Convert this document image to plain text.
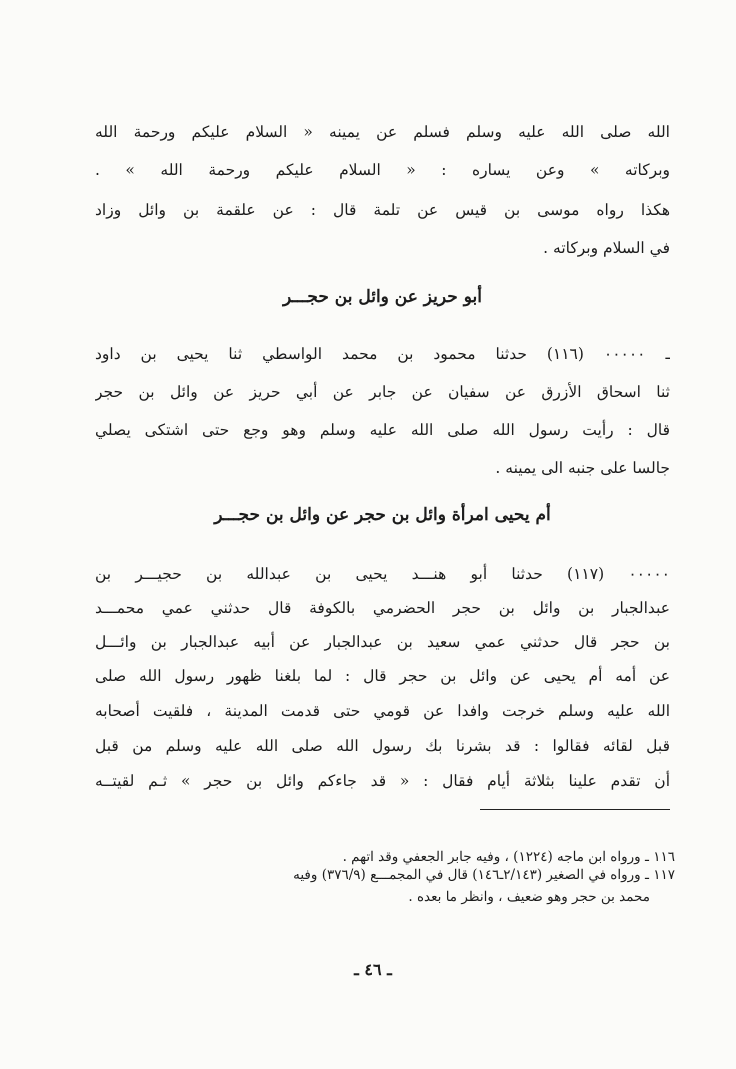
الله صلى الله عليه وسلم فسلم عن يمينه « السلام عليكم ورحمة الله
وبركاته » وعن يساره : « السلام عليكم ورحمة الله » .
هكذا رواه موسى بن قيس عن تلمة قال : عن علقمة بن وائل وزاد
في السلام وبركاته .
أبو حريز عن وائل بن حجـــر
ـ ٠٠٠٠٠ (١١٦) حدثنا محمود بن محمد الواسطي ثنا يحيى بن داود
ثنا اسحاق الأزرق عن سفيان عن جابر عن أبي حريز عن وائل بن حجر
قال : رأيت رسول الله صلى الله عليه وسلم وهو وجع حتى اشتكى يصلي
جالسا على جنبه الى يمينه .
أم يحيى امرأة وائل بن حجر عن وائل بن حجـــر
٠٠٠٠٠ (١١٧) حدثنا أبو هنـــد يحيى بن عبدالله بن حجيـــر بن
عبدالجبار بن وائل بن حجر الحضرمي بالكوفة قال حدثني عمي محمـــد
بن حجر قال حدثني عمي سعيد بن عبدالجبار عن أبيه عبدالجبار بن وائـــل
عن أمه أم يحيى عن وائل بن حجر قال : لما بلغنا ظهور رسول الله صلى
الله عليه وسلم خرجت وافدا عن قومي حتى قدمت المدينة ، فلقيت أصحابه
قبل لقائه فقالوا : قد بشرنا بك رسول الله صلى الله عليه وسلم من قبل
أن تقدم علينا بثلاثة أيام فقال : « قد جاءكم وائل بن حجر » ثـم لقيتــه
١١٦ ـ ورواه ابن ماجه (١٢٢٤) ، وفيه جابر الجعفي وقد اتهم .
١١٧ ـ ورواه في الصغير (٢/١٤٣ـ١٤٦) قال في المجمـــع (٣٧٦/٩) وفيه
محمد بن حجر وهو ضعيف ، وانظر ما بعده .
ـ ٤٦ ـ
